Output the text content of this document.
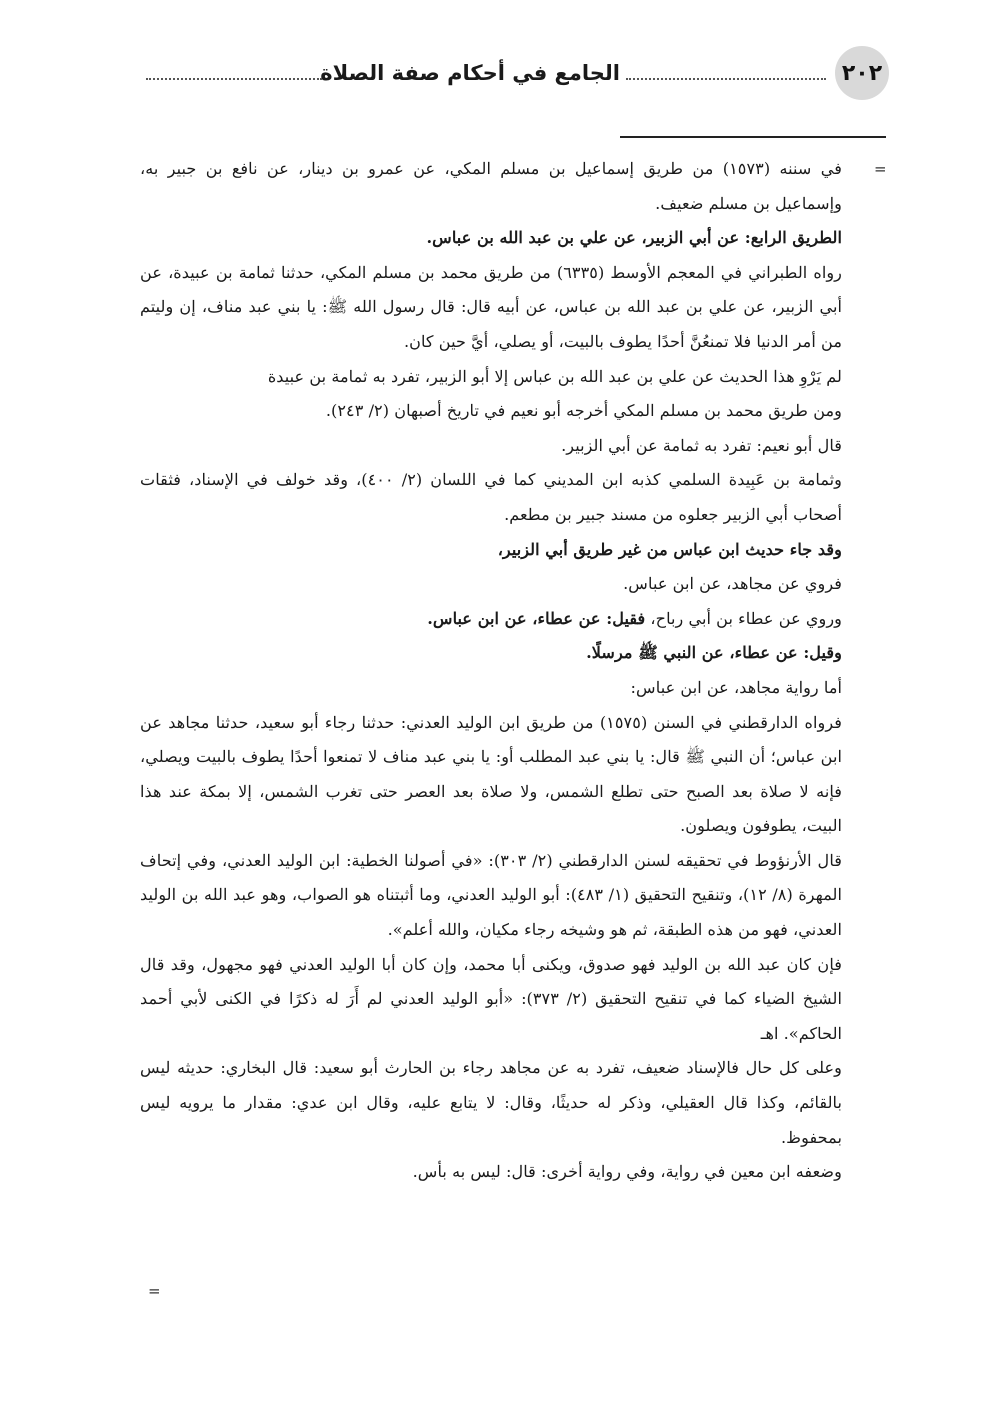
٢٠٢
الجامع في أحكام صفة الصلاة
=

في سننه (١٥٧٣) من طريق إسماعيل بن مسلم المكي، عن عمرو بن دينار، عن نافع بن جبير به، وإسماعيل بن مسلم ضعيف.

الطريق الرابع: عن أبي الزبير، عن علي بن عبد الله بن عباس.

رواه الطبراني في المعجم الأوسط (٦٣٣٥) من طريق محمد بن مسلم المكي، حدثنا ثمامة بن عبيدة، عن أبي الزبير، عن علي بن عبد الله بن عباس، عن أبيه قال: قال رسول الله ﷺ: يا بني عبد مناف، إن وليتم من أمر الدنيا فلا تمنعُنَّ أحدًا يطوف بالبيت، أو يصلي، أيَّ حين كان.

لم يَرْوِ هذا الحديث عن علي بن عبد الله بن عباس إلا أبو الزبير، تفرد به ثمامة بن عبيدة

ومن طريق محمد بن مسلم المكي أخرجه أبو نعيم في تاريخ أصبهان (٢/ ٢٤٣).

قال أبو نعيم: تفرد به ثمامة عن أبي الزبير.

وثمامة بن عَبِيدة السلمي كذبه ابن المديني كما في اللسان (٢/ ٤٠٠)، وقد خولف في الإسناد، فثقات أصحاب أبي الزبير جعلوه من مسند جبير بن مطعم.

وقد جاء حديث ابن عباس من غير طريق أبي الزبير،

فروي عن مجاهد، عن ابن عباس.

وروي عن عطاء بن أبي رباح، فقيل: عن عطاء، عن ابن عباس.

وقيل: عن عطاء، عن النبي ﷺ مرسلًا.

أما رواية مجاهد، عن ابن عباس:

فرواه الدارقطني في السنن (١٥٧٥) من طريق ابن الوليد العدني: حدثنا رجاء أبو سعيد، حدثنا مجاهد عن ابن عباس؛ أن النبي ﷺ قال: يا بني عبد المطلب أو: يا بني عبد مناف لا تمنعوا أحدًا يطوف بالبيت ويصلي، فإنه لا صلاة بعد الصبح حتى تطلع الشمس، ولا صلاة بعد العصر حتى تغرب الشمس، إلا بمكة عند هذا البيت، يطوفون ويصلون.

قال الأرنؤوط في تحقيقه لسنن الدارقطني (٢/ ٣٠٣): «في أصولنا الخطية: ابن الوليد العدني، وفي إتحاف المهرة (٨/ ١٢)، وتنقيح التحقيق (١/ ٤٨٣): أبو الوليد العدني، وما أثبتناه هو الصواب، وهو عبد الله بن الوليد العدني، فهو من هذه الطبقة، ثم هو وشيخه رجاء مكيان، والله أعلم».

فإن كان عبد الله بن الوليد فهو صدوق، ويكنى أبا محمد، وإن كان أبا الوليد العدني فهو مجهول، وقد قال الشيخ الضياء كما في تنقيح التحقيق (٢/ ٣٧٣): «أبو الوليد العدني لم أَرَ له ذكرًا في الكنى لأبي أحمد الحاكم». اهـ

وعلى كل حال فالإسناد ضعيف، تفرد به عن مجاهد رجاء بن الحارث أبو سعيد: قال البخاري: حديثه ليس بالقائم، وكذا قال العقيلي، وذكر له حديثًا، وقال: لا يتابع عليه، وقال ابن عدي: مقدار ما يرويه ليس بمحفوظ.

وضعفه ابن معين في رواية، وفي رواية أخرى: قال: ليس به بأس.

=
